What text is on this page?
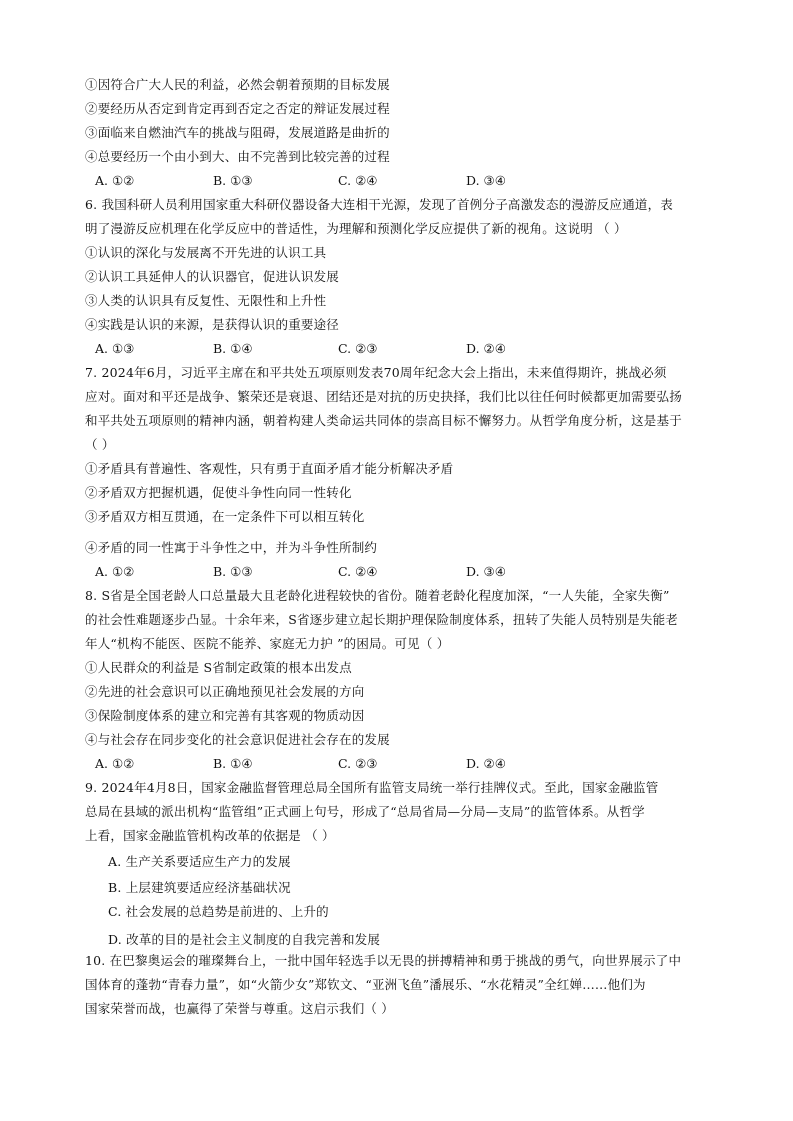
①因符合广大人民的利益，必然会朝着预期的目标发展
②要经历从否定到肯定再到否定之否定的辩证发展过程
③面临来自燃油汽车的挑战与阻碍，发展道路是曲折的
④总要经历一个由小到大、由不完善到比较完善的过程
A. ①②	B. ①③	C. ②④	D. ③④
6. 我国科研人员利用国家重大科研仪器设备大连相干光源，发现了首例分子高激发态的漫游反应通道，表
明了漫游反应机理在化学反应中的普适性，为理解和预测化学反应提供了新的视角。这说明 （ ）
①认识的深化与发展离不开先进的认识工具
②认识工具延伸人的认识器官，促进认识发展
③人类的认识具有反复性、无限性和上升性
④实践是认识的来源，是获得认识的重要途径
A. ①③	B. ①④	C. ②③	D. ②④
7. 2024年6月，习近平主席在和平共处五项原则发表70周年纪念大会上指出，未来值得期许，挑战必须
应对。面对和平还是战争、繁荣还是衰退、团结还是对抗的历史抉择，我们比以往任何时候都更加需要弘扬
和平共处五项原则的精神内涵，朝着构建人类命运共同体的崇高目标不懈努力。从哲学角度分析，这是基于
（ ）
①矛盾具有普遍性、客观性，只有勇于直面矛盾才能分析解决矛盾
②矛盾双方把握机遇，促使斗争性向同一性转化
③矛盾双方相互贯通，在一定条件下可以相互转化
④矛盾的同一性寓于斗争性之中，并为斗争性所制约
A. ①②	B. ①③	C. ②④	D. ③④
8. S省是全国老龄人口总量最大且老龄化进程较快的省份。随着老龄化程度加深，“一人失能，全家失衡”
的社会性难题逐步凸显。十余年来，S省逐步建立起长期护理保险制度体系，扭转了失能人员特别是失能老
年人“机构不能医、医院不能养、家庭无力护 ”的困局。可见（ ）
①人民群众的利益是 S省制定政策的根本出发点
②先进的社会意识可以正确地预见社会发展的方向
③保险制度体系的建立和完善有其客观的物质动因
④与社会存在同步变化的社会意识促进社会存在的发展
A. ①②	B. ①④	C. ②③	D. ②④
9. 2024年4月8日，国家金融监督管理总局全国所有监管支局统一举行挂牌仪式。至此，国家金融监管
总局在县域的派出机构“监管组”正式画上句号，形成了“总局省局—分局—支局”的监管体系。从哲学
上看，国家金融监管机构改革的依据是 （ ）
A. 生产关系要适应生产力的发展
B. 上层建筑要适应经济基础状况
C. 社会发展的总趋势是前进的、上升的
D. 改革的目的是社会主义制度的自我完善和发展
10. 在巴黎奥运会的璀璨舞台上，一批中国年轻选手以无畏的拼搏精神和勇于挑战的勇气，向世界展示了中
国体育的蓬勃“青春力量”，如“火箭少女”郑钦文、“亚洲飞鱼”潘展乐、“水花精灵”全红婵……他们为
国家荣誉而战，也赢得了荣誉与尊重。这启示我们（ ）
